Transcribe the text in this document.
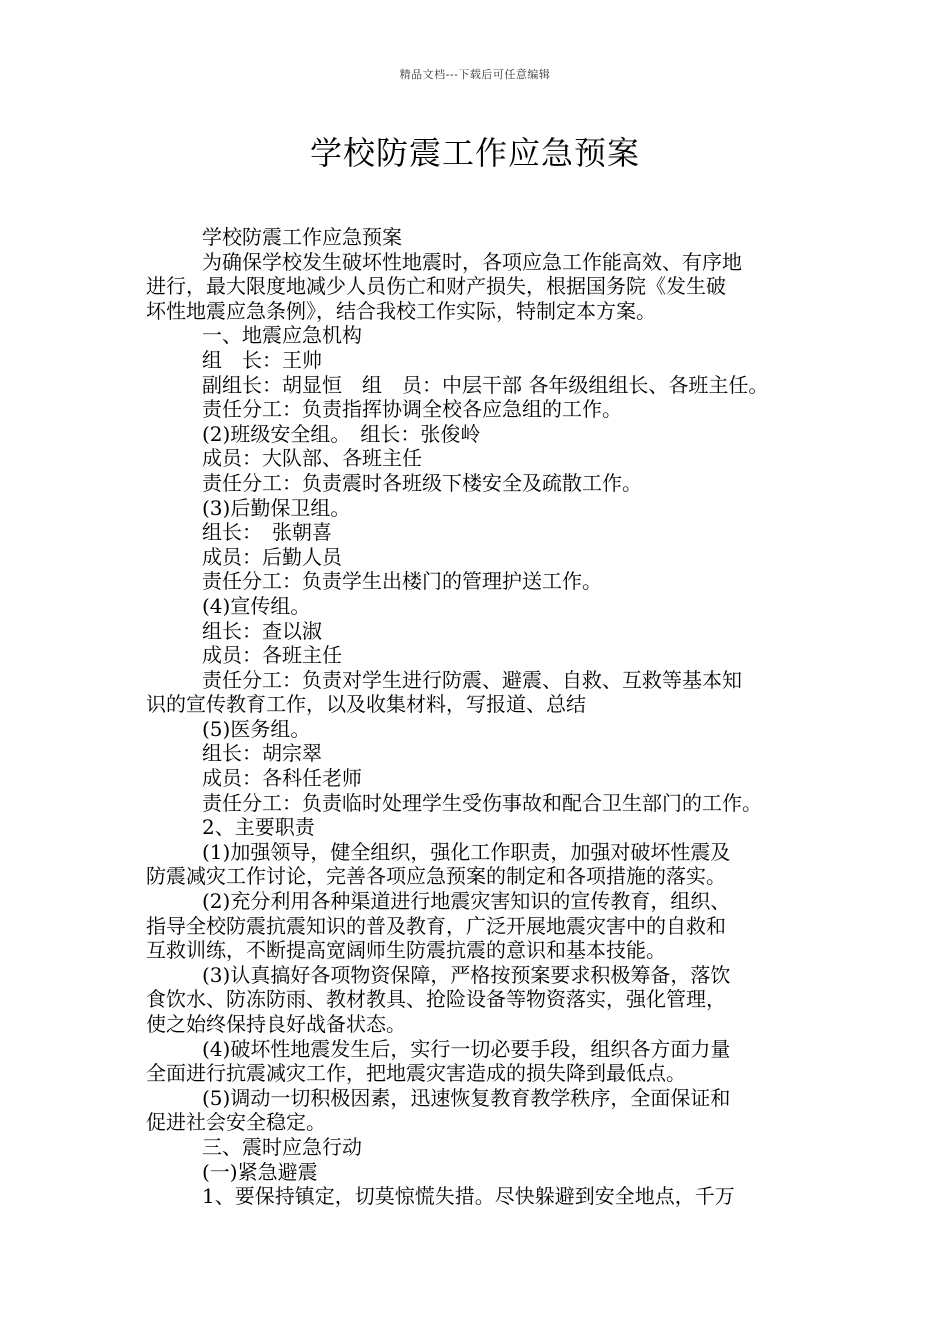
精品文档---下载后可任意编辑
学校防震工作应急预案
学校防震工作应急预案
为确保学校发生破坏性地震时，各项应急工作能高效、有序地
进行，最大限度地减少人员伤亡和财产损失，根据国务院《发生破
坏性地震应急条例》，结合我校工作实际，特制定本方案。
一、地震应急机构
组　长：王帅
副组长：胡显恒　组　员：中层干部 各年级组组长、各班主任。
责任分工：负责指挥协调全校各应急组的工作。
(2)班级安全组。　组长：张俊岭
成员：大队部、各班主任
责任分工：负责震时各班级下楼安全及疏散工作。
(3)后勤保卫组。
组长：　张朝喜
成员：后勤人员
责任分工：负责学生出楼门的管理护送工作。
(4)宣传组。
组长：查以淑
成员：各班主任
责任分工：负责对学生进行防震、避震、自救、互救等基本知
识的宣传教育工作，以及收集材料，写报道、总结
(5)医务组。
组长：胡宗翠
成员：各科任老师
责任分工：负责临时处理学生受伤事故和配合卫生部门的工作。
2、主要职责
(1)加强领导，健全组织，强化工作职责，加强对破坏性震及
防震减灾工作讨论，完善各项应急预案的制定和各项措施的落实。
(2)充分利用各种渠道进行地震灾害知识的宣传教育，组织、
指导全校防震抗震知识的普及教育，广泛开展地震灾害中的自救和
互救训练，不断提高宽阔师生防震抗震的意识和基本技能。
(3)认真搞好各项物资保障，严格按预案要求积极筹备，落饮
食饮水、防冻防雨、教材教具、抢险设备等物资落实，强化管理，
使之始终保持良好战备状态。
(4)破坏性地震发生后，实行一切必要手段，组织各方面力量
全面进行抗震减灾工作，把地震灾害造成的损失降到最低点。
(5)调动一切积极因素，迅速恢复教育教学秩序，全面保证和
促进社会安全稳定。
三、震时应急行动
(一)紧急避震
1、要保持镇定，切莫惊慌失措。尽快躲避到安全地点，千万
